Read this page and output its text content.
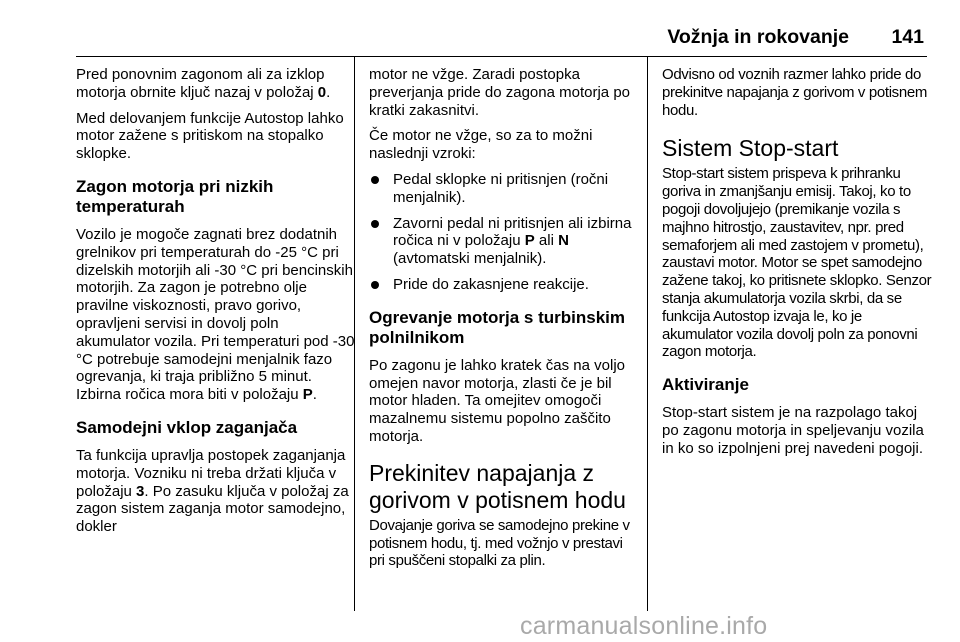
Vožnja in rokovanje 141

Pred ponovnim zagonom ali za izklop motorja obrnite ključ nazaj v položaj 0.

Med delovanjem funkcije Autostop lahko motor zažene s pritiskom na stopalko sklopke.

Zagon motorja pri nizkih temperaturah

Vozilo je mogoče zagnati brez dodatnih grelnikov pri temperaturah do -25 °C pri dizelskih motorjih ali -30 °C pri bencinskih motorjih. Za zagon je potrebno olje pravilne viskoznosti, pravo gorivo, opravljeni servisi in dovolj poln akumulator vozila. Pri temperaturi pod -30 °C potrebuje samodejni menjalnik fazo ogrevanja, ki traja približno 5 minut. Izbirna ročica mora biti v položaju P.

Samodejni vklop zaganjača

Ta funkcija upravlja postopek zaganjanja motorja. Vozniku ni treba držati ključa v položaju 3. Po zasuku ključa v položaj za zagon sistem zaganja motor samodejno, dokler

motor ne vžge. Zaradi postopka preverjanja pride do zagona motorja po kratki zakasnitvi.

Če motor ne vžge, so za to možni naslednji vzroki:

Pedal sklopke ni pritisnjen (ročni menjalnik).
Zavorni pedal ni pritisnjen ali izbirna ročica ni v položaju P ali N (avtomatski menjalnik).
Pride do zakasnjene reakcije.
Ogrevanje motorja s turbinskim polnilnikom

Po zagonu je lahko kratek čas na voljo omejen navor motorja, zlasti če je bil motor hladen. Ta omejitev omogoči mazalnemu sistemu popolno zaščito motorja.

Prekinitev napajanja z gorivom v potisnem hodu

Dovajanje goriva se samodejno prekine v potisnem hodu, tj. med vožnjo v prestavi pri spuščeni stopalki za plin.

Odvisno od voznih razmer lahko pride do prekinitve napajanja z gorivom v potisnem hodu.

Sistem Stop-start

Stop-start sistem prispeva k prihranku goriva in zmanjšanju emisij. Takoj, ko to pogoji dovoljujejo (premikanje vozila s majhno hitrostjo, zaustavitev, npr. pred semaforjem ali med zastojem v prometu), zaustavi motor. Motor se spet samodejno zažene takoj, ko pritisnete sklopko. Senzor stanja akumulatorja vozila skrbi, da se funkcija Autostop izvaja le, ko je akumulator vozila dovolj poln za ponovni zagon motorja.

Aktiviranje

Stop-start sistem je na razpolago takoj po zagonu motorja in speljevanju vozila in ko so izpolnjeni prej navedeni pogoji.

carmanualsonline.info
